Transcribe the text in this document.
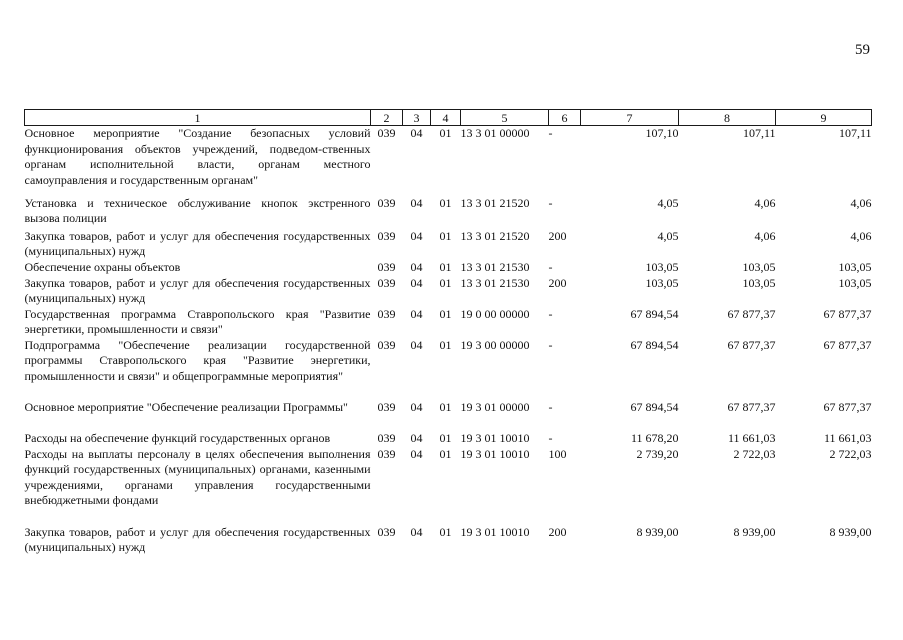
59
1	2	3	4	5	6	7	8	9
Основное мероприятие "Создание безопасных условий функционирования объектов учреждений, подведом-ственных органам исполнительной власти, органам местного самоуправления и государственным органам"	039	04	01	13 3 01 00000	-	107,10	107,11	107,11
Установка и техническое обслуживание кнопок экстренного вызова полиции	039	04	01	13 3 01 21520	-	4,05	4,06	4,06
Закупка товаров, работ и услуг для обеспечения государственных (муниципальных) нужд	039	04	01	13 3 01 21520	200	4,05	4,06	4,06
Обеспечение охраны объектов	039	04	01	13 3 01 21530	-	103,05	103,05	103,05
Закупка товаров, работ и услуг для обеспечения государственных (муниципальных) нужд	039	04	01	13 3 01 21530	200	103,05	103,05	103,05
Государственная программа Ставропольского края "Развитие энергетики, промышленности и связи"	039	04	01	19 0 00 00000	-	67 894,54	67 877,37	67 877,37
Подпрограмма "Обеспечение реализации государственной программы Ставропольского края "Развитие энергетики, промышленности и связи" и общепрограммные мероприятия"	039	04	01	19 3 00 00000	-	67 894,54	67 877,37	67 877,37
Основное мероприятие "Обеспечение реализации Программы"	039	04	01	19 3 01 00000	-	67 894,54	67 877,37	67 877,37
Расходы на обеспечение функций государственных органов	039	04	01	19 3 01 10010	-	11 678,20	11 661,03	11 661,03
Расходы на выплаты персоналу в целях обеспечения выполнения функций государственных (муниципальных) органами, казенными учреждениями, органами управления государственными внебюджетными фондами	039	04	01	19 3 01 10010	100	2 739,20	2 722,03	2 722,03
Закупка товаров, работ и услуг для обеспечения государственных (муниципальных) нужд	039	04	01	19 3 01 10010	200	8 939,00	8 939,00	8 939,00
